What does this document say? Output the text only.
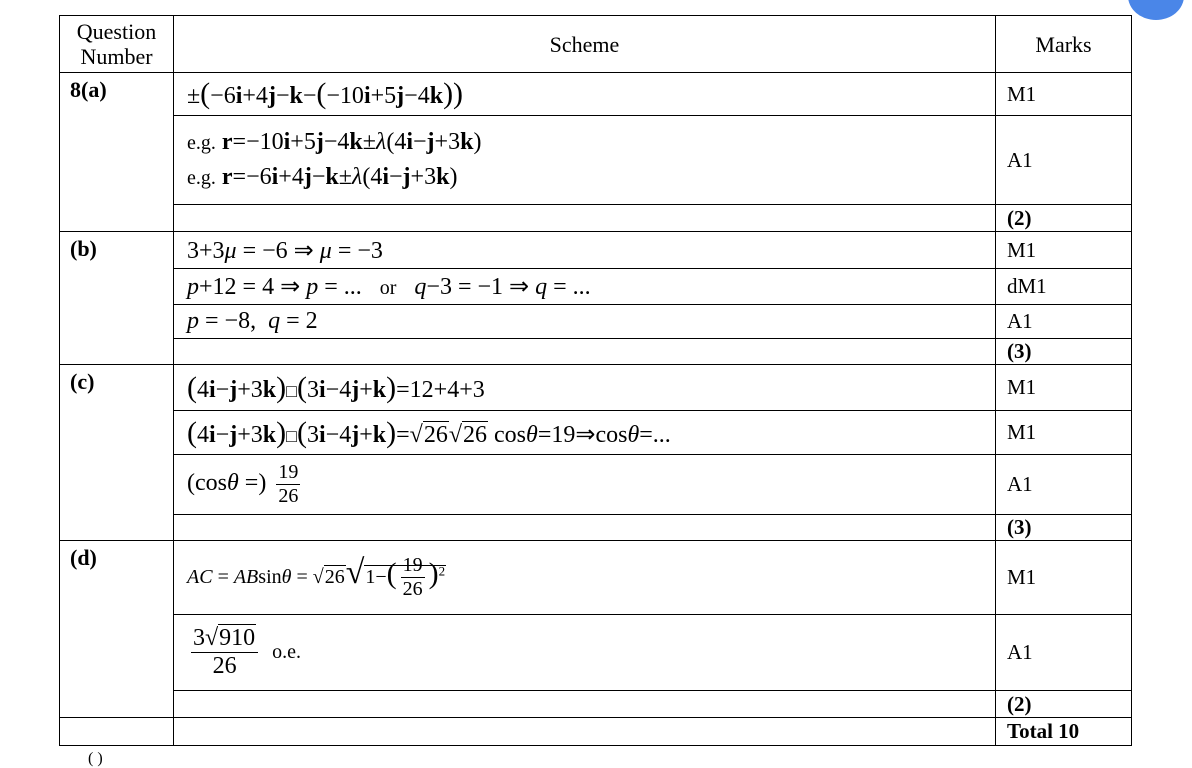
Question
Number	Scheme	Marks
8(a)	±(−6i+4j−k−(−10i+5j−4k))	M1

	e.g. r=−10i+5j−4k±λ(4i−j+3k)
e.g. r=−6i+4j−k±λ(4i−j+3k)	A1
		(2)
(b)	3+3μ = −6 ⇒ μ = −3	M1
	p+12 = 4 ⇒ p = ...   or q−3 = −1 ⇒ q = ...	dM1
	p = −8,  q = 2	A1
		(3)
(c)	(4i−j+3k)□(3i−4j+k)=12+4+3	M1
	(4i−j+3k)□(3i−4j+k)=√26√26 cosθ=19⇒cosθ=...	M1
	(cosθ =) $\frac{19}{26}$	A1
		(3)
(d)	AC = $ABsin\theta = √26√1-( \frac{19}{26} )^2$	M1

	$\frac{3√910}{26} o.e$.	A1
		(2)
		Total 10
( )
